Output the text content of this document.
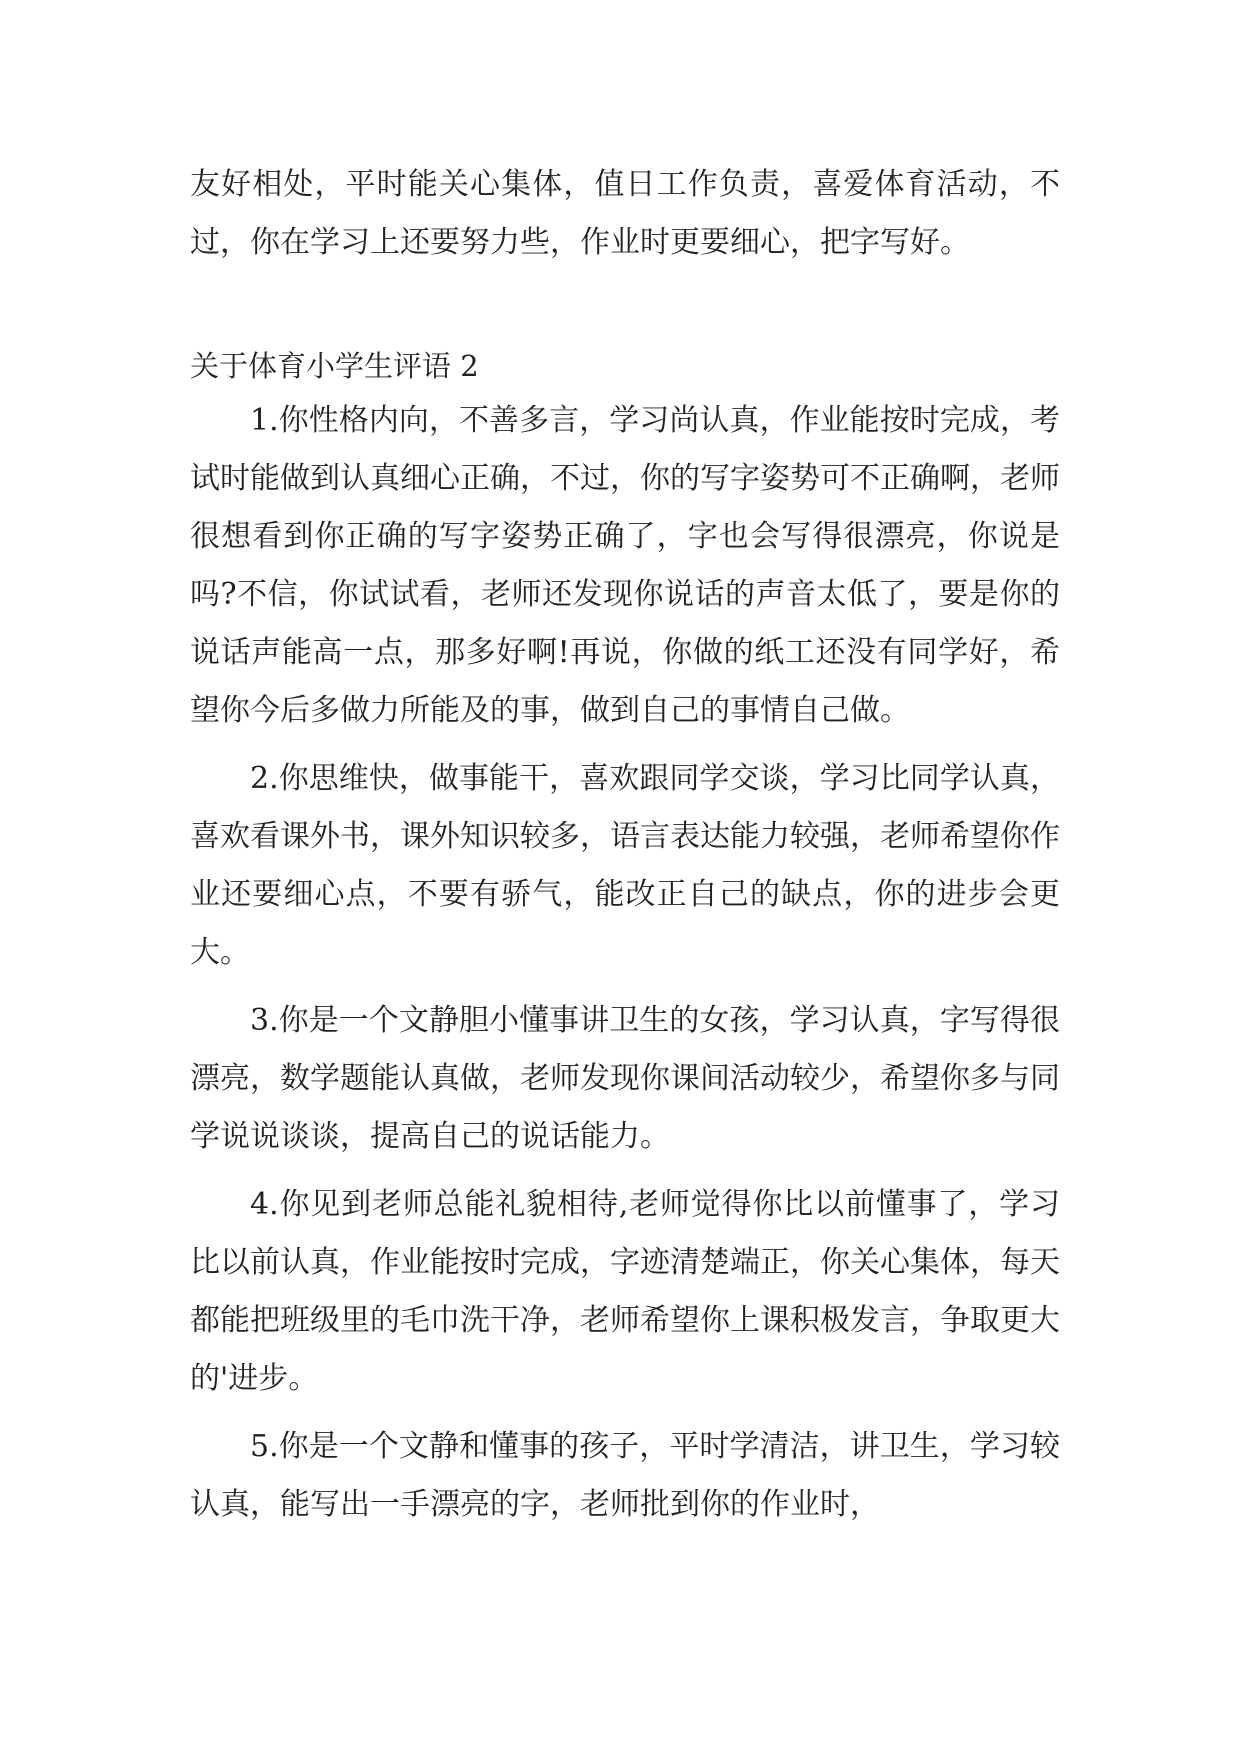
友好相处，平时能关心集体，值日工作负责，喜爱体育活动，不过，你在学习上还要努力些，作业时更要细心，把字写好。

关于体育小学生评语 2

1.你性格内向，不善多言，学习尚认真，作业能按时完成，考试时能做到认真细心正确，不过，你的写字姿势可不正确啊，老师很想看到你正确的写字姿势正确了，字也会写得很漂亮，你说是吗?不信，你试试看，老师还发现你说话的声音太低了，要是你的说话声能高一点，那多好啊!再说，你做的纸工还没有同学好，希望你今后多做力所能及的事，做到自己的事情自己做。

2.你思维快，做事能干，喜欢跟同学交谈，学习比同学认真，喜欢看课外书，课外知识较多，语言表达能力较强，老师希望你作业还要细心点，不要有骄气，能改正自己的缺点，你的进步会更大。

3.你是一个文静胆小懂事讲卫生的女孩，学习认真，字写得很漂亮，数学题能认真做，老师发现你课间活动较少，希望你多与同学说说谈谈，提高自己的说话能力。

4.你见到老师总能礼貌相待,老师觉得你比以前懂事了，学习比以前认真，作业能按时完成，字迹清楚端正，你关心集体，每天都能把班级里的毛巾洗干净，老师希望你上课积极发言，争取更大的'进步。

5.你是一个文静和懂事的孩子，平时学清洁，讲卫生，学习较认真，能写出一手漂亮的字，老师批到你的作业时，
